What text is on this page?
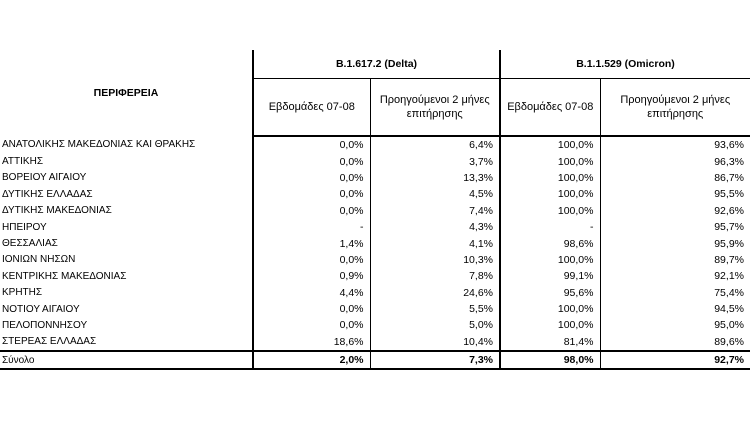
ΠΕΡΙΦΕΡΕΙΑ	B.1.617.2 (Delta)		B.1.1.529 (Omicron)	
	Εβδομάδες 07-08	Προηγούμενοι 2 μήνες επιτήρησης	Εβδομάδες 07-08	Προηγούμενοι 2 μήνες επιτήρησης
ΑΝΑΤΟΛΙΚΗΣ ΜΑΚΕΔΟΝΙΑΣ ΚΑΙ ΘΡΑΚΗΣ	0,0%	6,4%	100,0%	93,6%
ΑΤΤΙΚΗΣ	0,0%	3,7%	100,0%	96,3%
ΒΟΡΕΙΟΥ ΑΙΓΑΙΟΥ	0,0%	13,3%	100,0%	86,7%
ΔΥΤΙΚΗΣ ΕΛΛΑΔΑΣ	0,0%	4,5%	100,0%	95,5%
ΔΥΤΙΚΗΣ ΜΑΚΕΔΟΝΙΑΣ	0,0%	7,4%	100,0%	92,6%
ΗΠΕΙΡΟΥ	-	4,3%	-	95,7%
ΘΕΣΣΑΛΙΑΣ	1,4%	4,1%	98,6%	95,9%
ΙΟΝΙΩΝ ΝΗΣΩΝ	0,0%	10,3%	100,0%	89,7%
ΚΕΝΤΡΙΚΗΣ ΜΑΚΕΔΟΝΙΑΣ	0,9%	7,8%	99,1%	92,1%
ΚΡΗΤΗΣ	4,4%	24,6%	95,6%	75,4%
ΝΟΤΙΟΥ ΑΙΓΑΙΟΥ	0,0%	5,5%	100,0%	94,5%
ΠΕΛΟΠΟΝΝΗΣΟΥ	0,0%	5,0%	100,0%	95,0%
ΣΤΕΡΕΑΣ ΕΛΛΑΔΑΣ	18,6%	10,4%	81,4%	89,6%
Σύνολο	2,0%	7,3%	98,0%	92,7%
